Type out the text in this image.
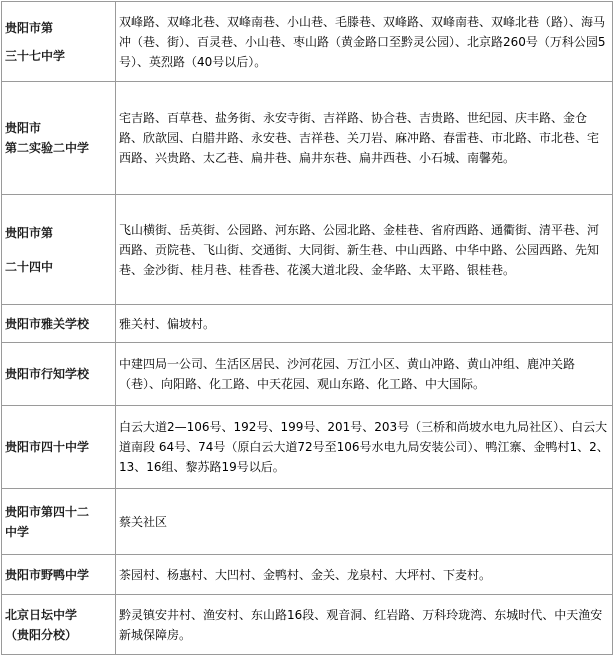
贵阳市第
三十七中学	双峰路、双峰北巷、双峰南巷、小山巷、毛滕巷、双峰路、双峰南巷、双峰北巷（路）、海马冲（巷、街）、百灵巷、小山巷、枣山路（黄金路口至黔灵公园）、北京路260号（万科公园5号）、英烈路（40号以后）。

贵阳市
第二实验二中学	宅吉路、百草巷、盐务街、永安寺街、吉祥路、协合巷、吉贵路、世纪园、庆丰路、金仓路、欣歆园、白腊井路、永安巷、吉祥巷、关刀岩、麻冲路、春雷巷、市北路、市北巷、宅西路、兴贵路、太乙巷、扁井巷、扁井东巷、扁井西巷、小石城、南馨苑。

贵阳市第
二十四中	飞山横街、岳英街、公园路、河东路、公园北路、金桂巷、省府西路、通衢街、清平巷、河西路、贡院巷、飞山街、交通街、大同街、新生巷、中山西路、中华中路、公园西路、先知巷、金沙街、桂月巷、桂香巷、花溪大道北段、金华路、太平路、银桂巷。

贵阳市雅关学校	雅关村、偏坡村。

贵阳市行知学校	中建四局一公司、生活区居民、沙河花园、万江小区、黄山冲路、黄山冲组、鹿冲关路（巷）、向阳路、化工路、中天花园、观山东路、化工路、中大国际。

贵阳市四十中学	白云大道2—106号、192号、199号、201号、203号（三桥和尚坡水电九局社区）、白云大道南段 64号、74号（原白云大道72号至106号水电九局安装公司）、鸭江寨、金鸭村1、2、13、16组、黎苏路19号以后。

贵阳市第四十二
中学	蔡关社区

贵阳市野鸭中学	茶园村、杨惠村、大凹村、金鸭村、金关、龙泉村、大坪村、下麦村。

北京日坛中学
（贵阳分校）	黔灵镇安井村、渔安村、东山路16段、观音洞、红岩路、万科玲珑湾、东城时代、中天渔安新城保障房。
